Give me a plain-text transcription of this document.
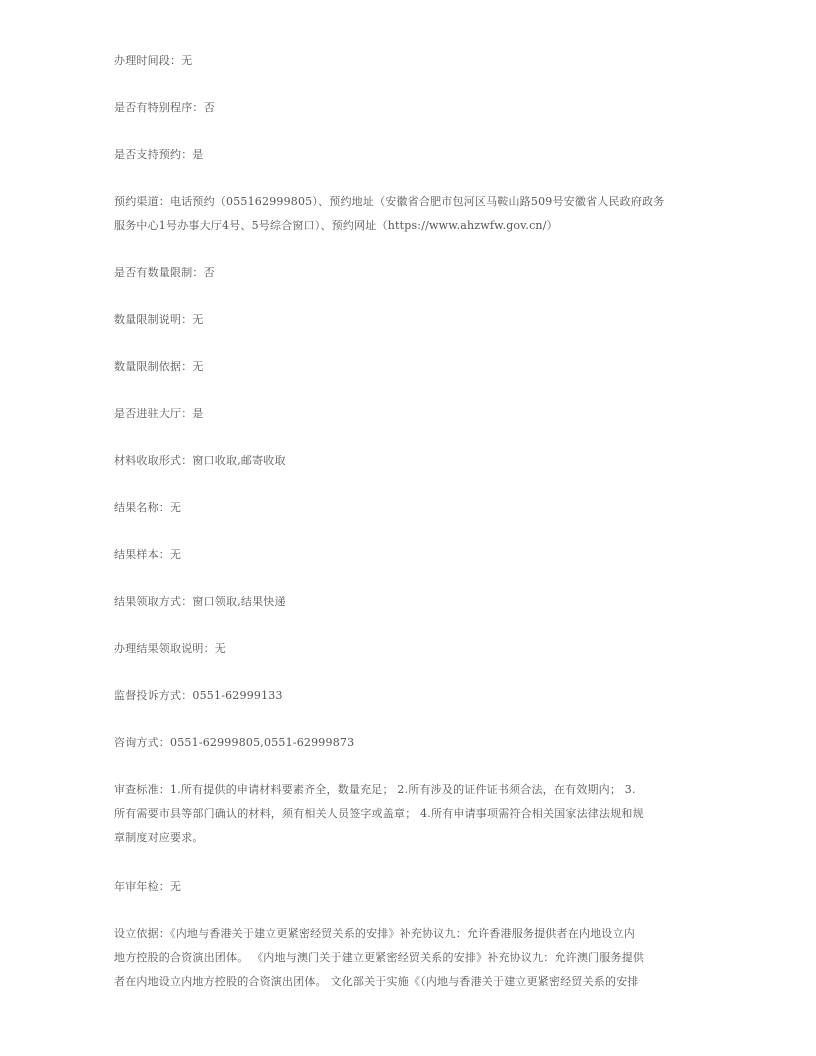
办理时间段：无

是否有特别程序：否

是否支持预约：是

预约渠道：电话预约（055162999805）、预约地址（安徽省合肥市包河区马鞍山路509号安徽省人民政府政务
服务中心1号办事大厅4号、5号综合窗口）、预约网址（https://www.ahzwfw.gov.cn/）

是否有数量限制：否

数量限制说明：无

数量限制依据：无

是否进驻大厅：是

材料收取形式：窗口收取,邮寄收取

结果名称：无

结果样本：无

结果领取方式：窗口领取,结果快递

办理结果领取说明：无

监督投诉方式：0551-62999133

咨询方式：0551-62999805,0551-62999873

审查标准：1.所有提供的申请材料要素齐全，数量充足； 2.所有涉及的证件证书须合法，在有效期内； 3.
所有需要市县等部门确认的材料，须有相关人员签字或盖章； 4.所有申请事项需符合相关国家法律法规和规
章制度对应要求。

年审年检：无

设立依据：《内地与香港关于建立更紧密经贸关系的安排》补充协议九：允许香港服务提供者在内地设立内
地方控股的合资演出团体。 《内地与澳门关于建立更紧密经贸关系的安排》补充协议九：允许澳门服务提供
者在内地设立内地方控股的合资演出团体。 文化部关于实施《（内地与香港关于建立更紧密经贸关系的安排
